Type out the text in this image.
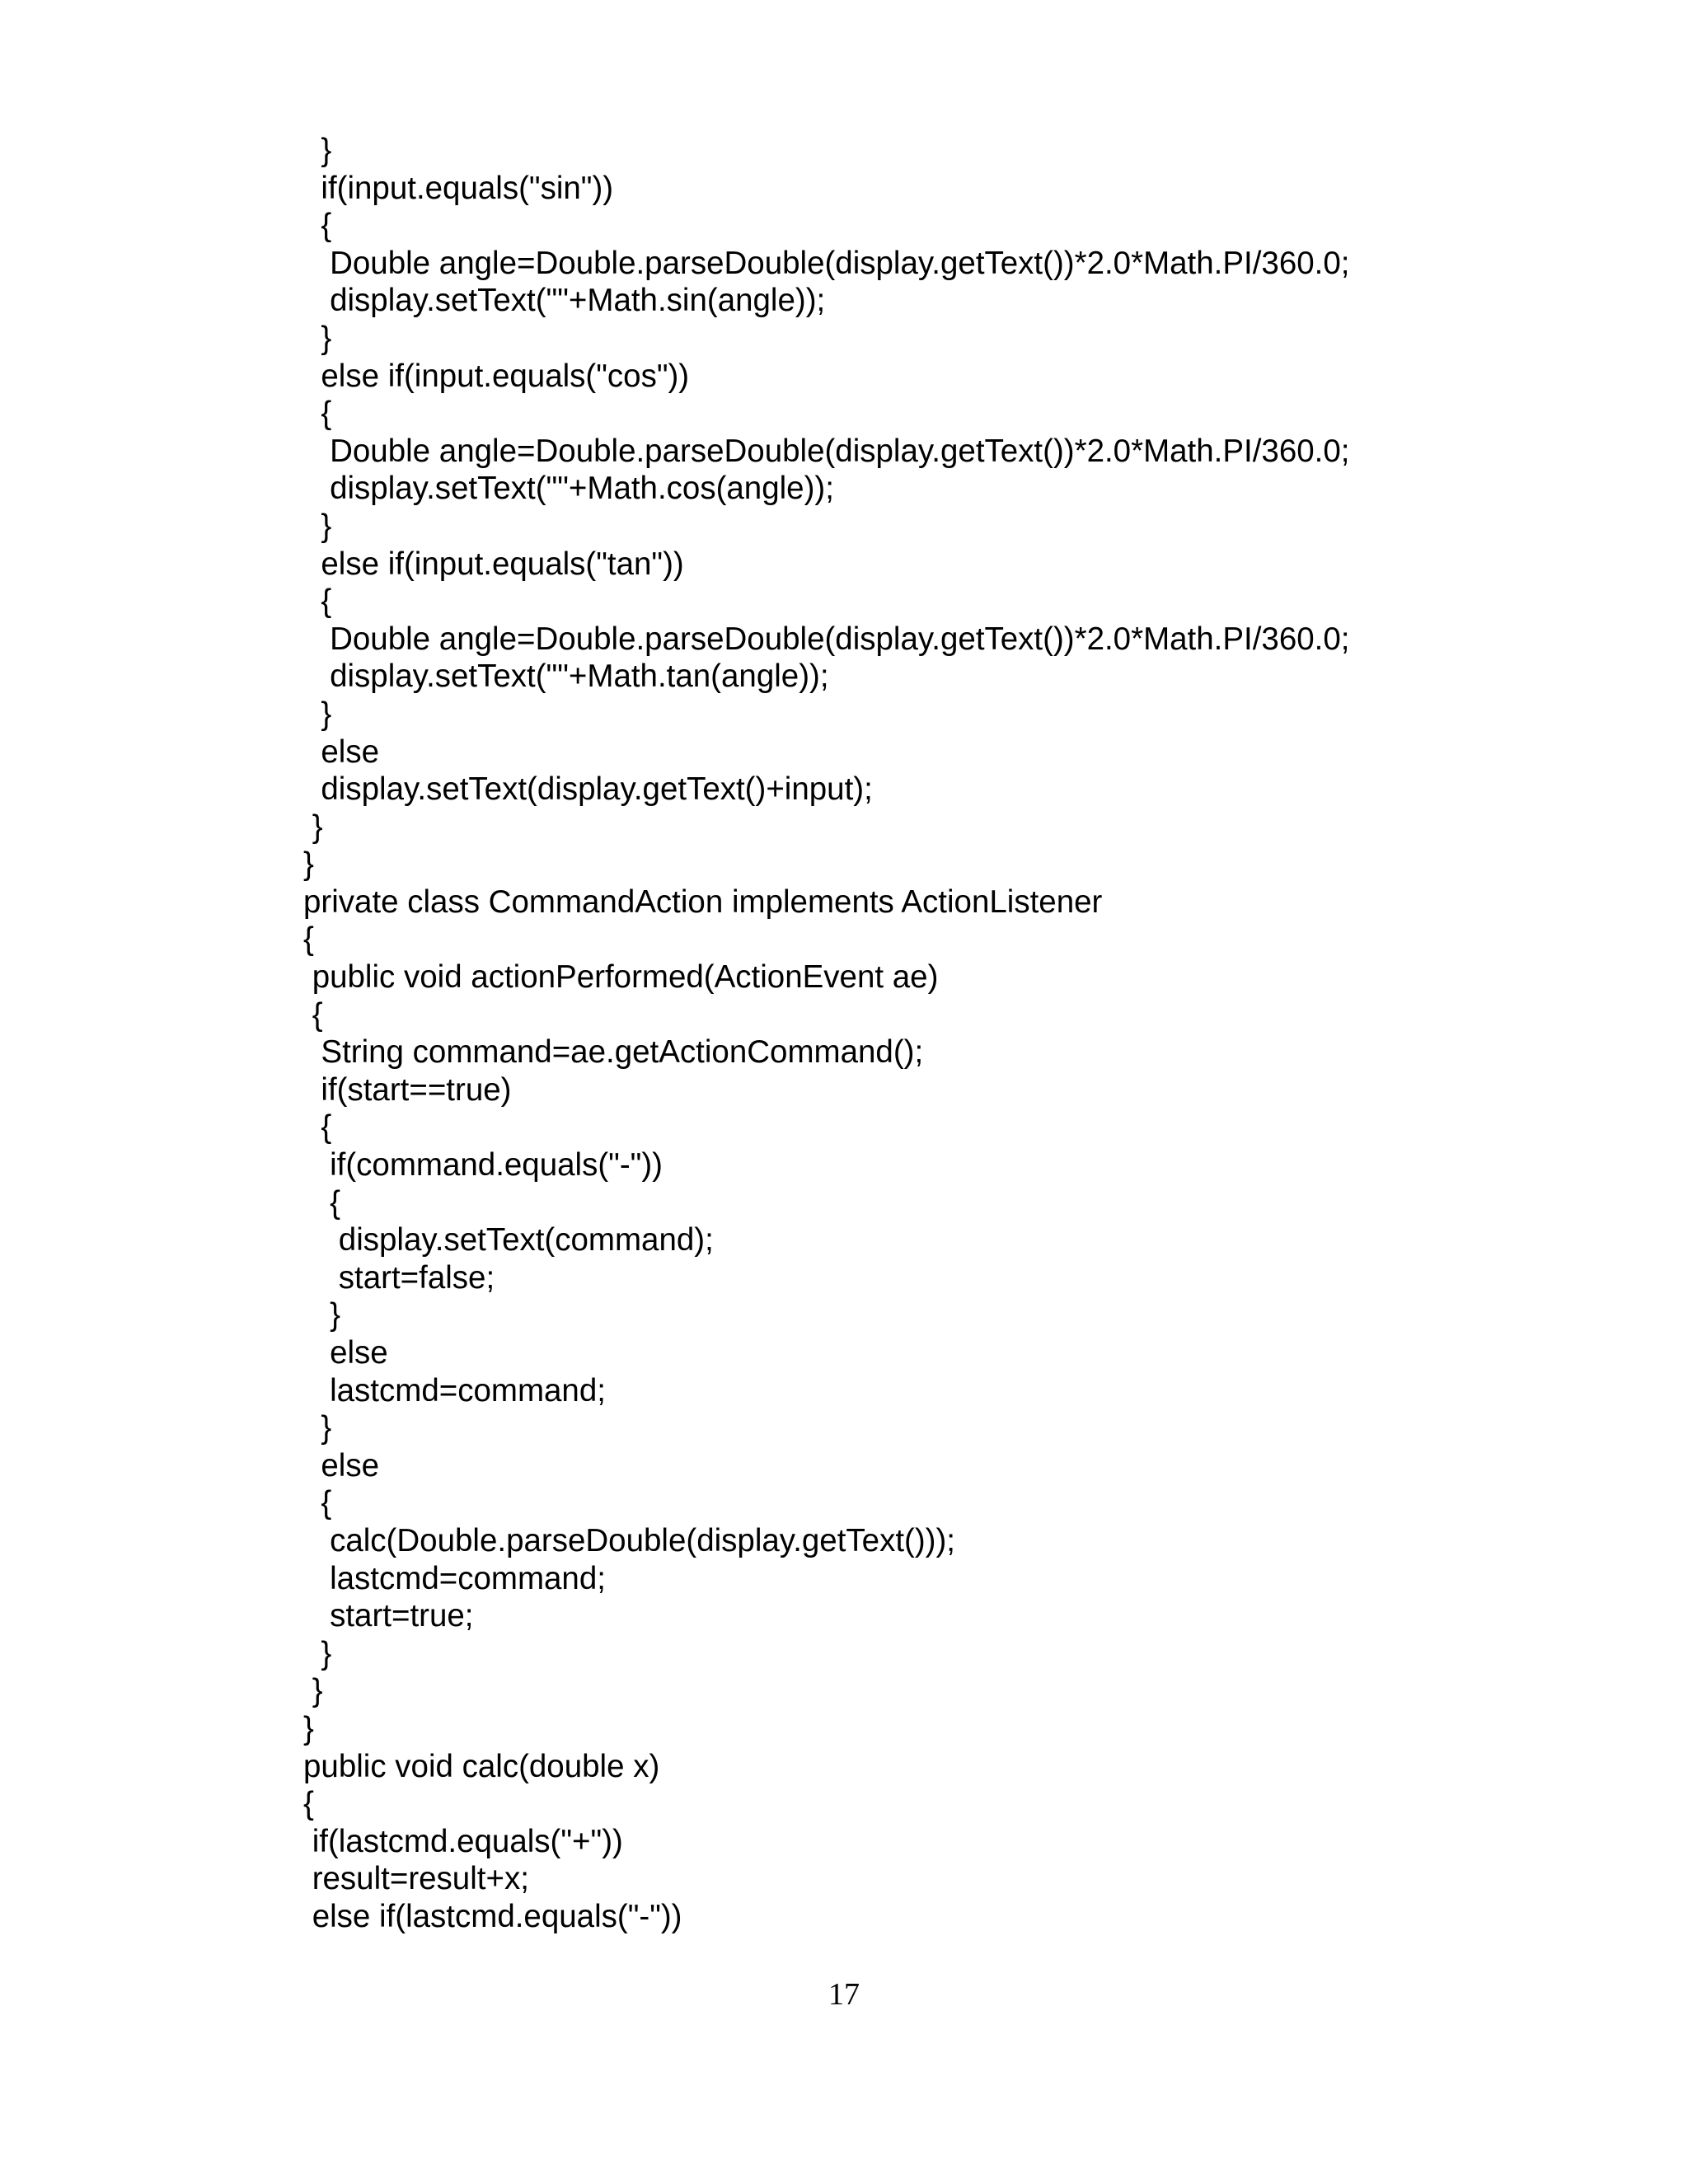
}
if(input.equals("sin"))
{
Double angle=Double.parseDouble(display.getText())*2.0*Math.PI/360.0;
display.setText(""+Math.sin(angle));
}
else if(input.equals("cos"))
{
Double angle=Double.parseDouble(display.getText())*2.0*Math.PI/360.0;
display.setText(""+Math.cos(angle));
}
else if(input.equals("tan"))
{
Double angle=Double.parseDouble(display.getText())*2.0*Math.PI/360.0;
display.setText(""+Math.tan(angle));
}
else
display.setText(display.getText()+input);
}
}
private class CommandAction implements ActionListener
{
public void actionPerformed(ActionEvent ae)
{
String command=ae.getActionCommand();
if(start==true)
{
if(command.equals("-"))
{
display.setText(command);
start=false;
}
else
lastcmd=command;
}
else
{
calc(Double.parseDouble(display.getText()));
lastcmd=command;
start=true;
}
}
}
public void calc(double x)
{
if(lastcmd.equals("+"))
result=result+x;
else if(lastcmd.equals("-"))
17
